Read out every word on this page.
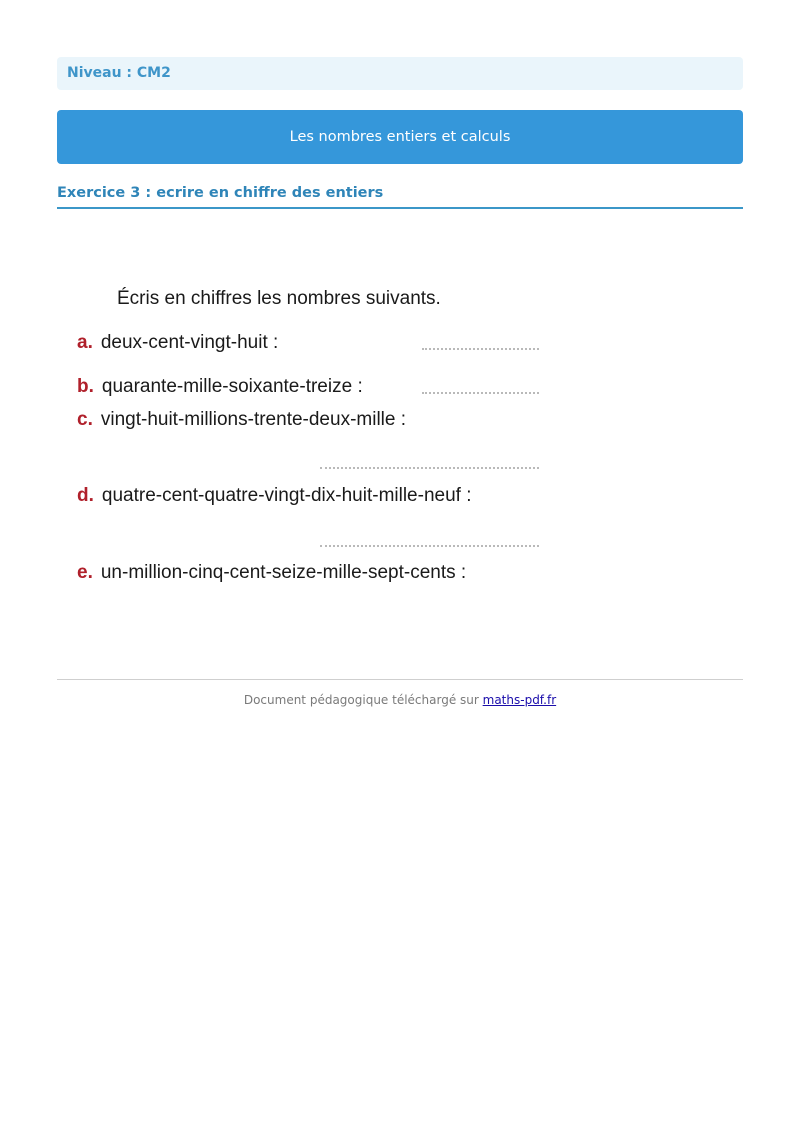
Niveau : CM2
Les nombres entiers et calculs
Exercice 3 : ecrire en chiffre des entiers
Écris en chiffres les nombres suivants.
a. deux-cent-vingt-huit :
b. quarante-mille-soixante-treize :
c. vingt-huit-millions-trente-deux-mille :
d. quatre-cent-quatre-vingt-dix-huit-mille-neuf :
e. un-million-cinq-cent-seize-mille-sept-cents :
Document pédagogique téléchargé sur maths-pdf.fr
